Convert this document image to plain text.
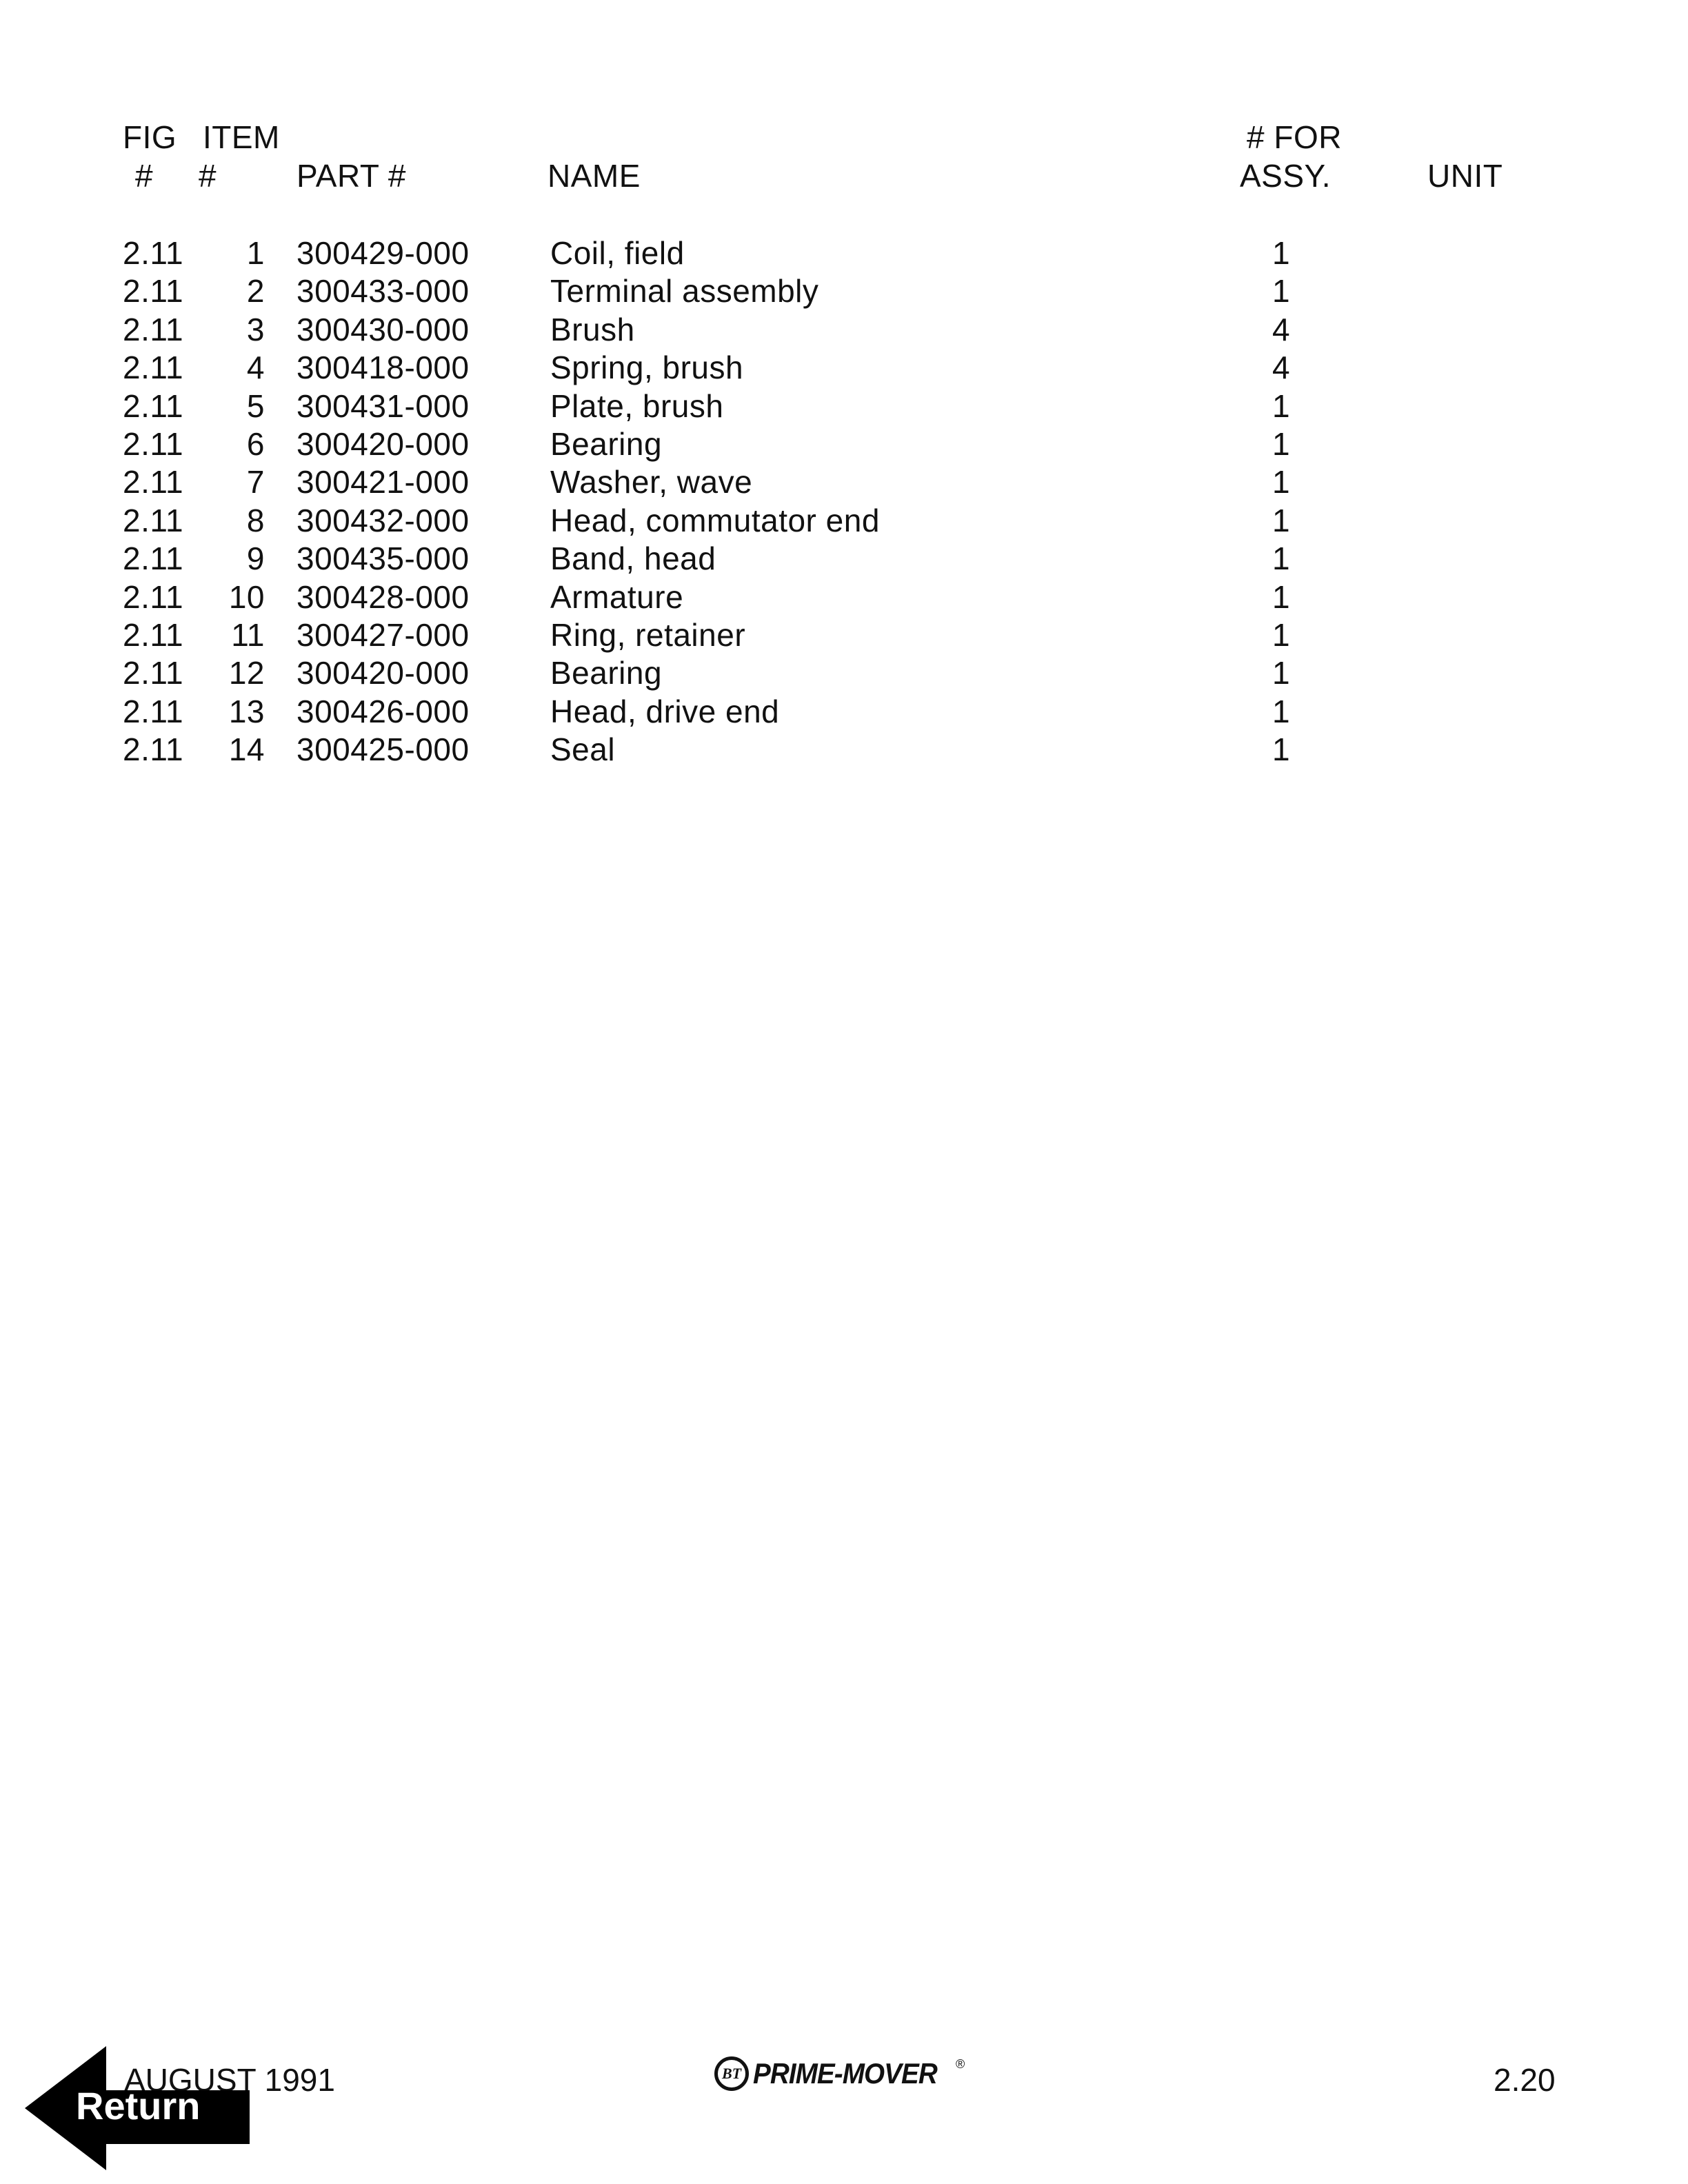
FIG ITEM
# #	PART #	NAME
# FOR
ASSY.	UNIT
2.11	1 300429-000	Coil, field	1
2.11	2 300433-000	Terminal assembly	1
2.11	3 300430-000	Brush	4
2.11	4 300418-000	Spring, brush	4
2.11	5 300431-000	Plate, brush	1
2.11	6 300420-000	Bearing	1
2.11	7 300421-000	Washer, wave	1
2.11	8 300432-000	Head, commutator end	1
2.11	9 300435-000	Band, head	1
2.11	10 300428-000	Armature	1
2.11	11 300427-000	Ring, retainer	1
2.11	12 300420-000	Bearing	1
2.11	13 300426-000	Head, drive end	1
2.11	14 300425-000	Seal	1
AUGUST 1991	BT PRIME-MOVER ®	2.20
Return
